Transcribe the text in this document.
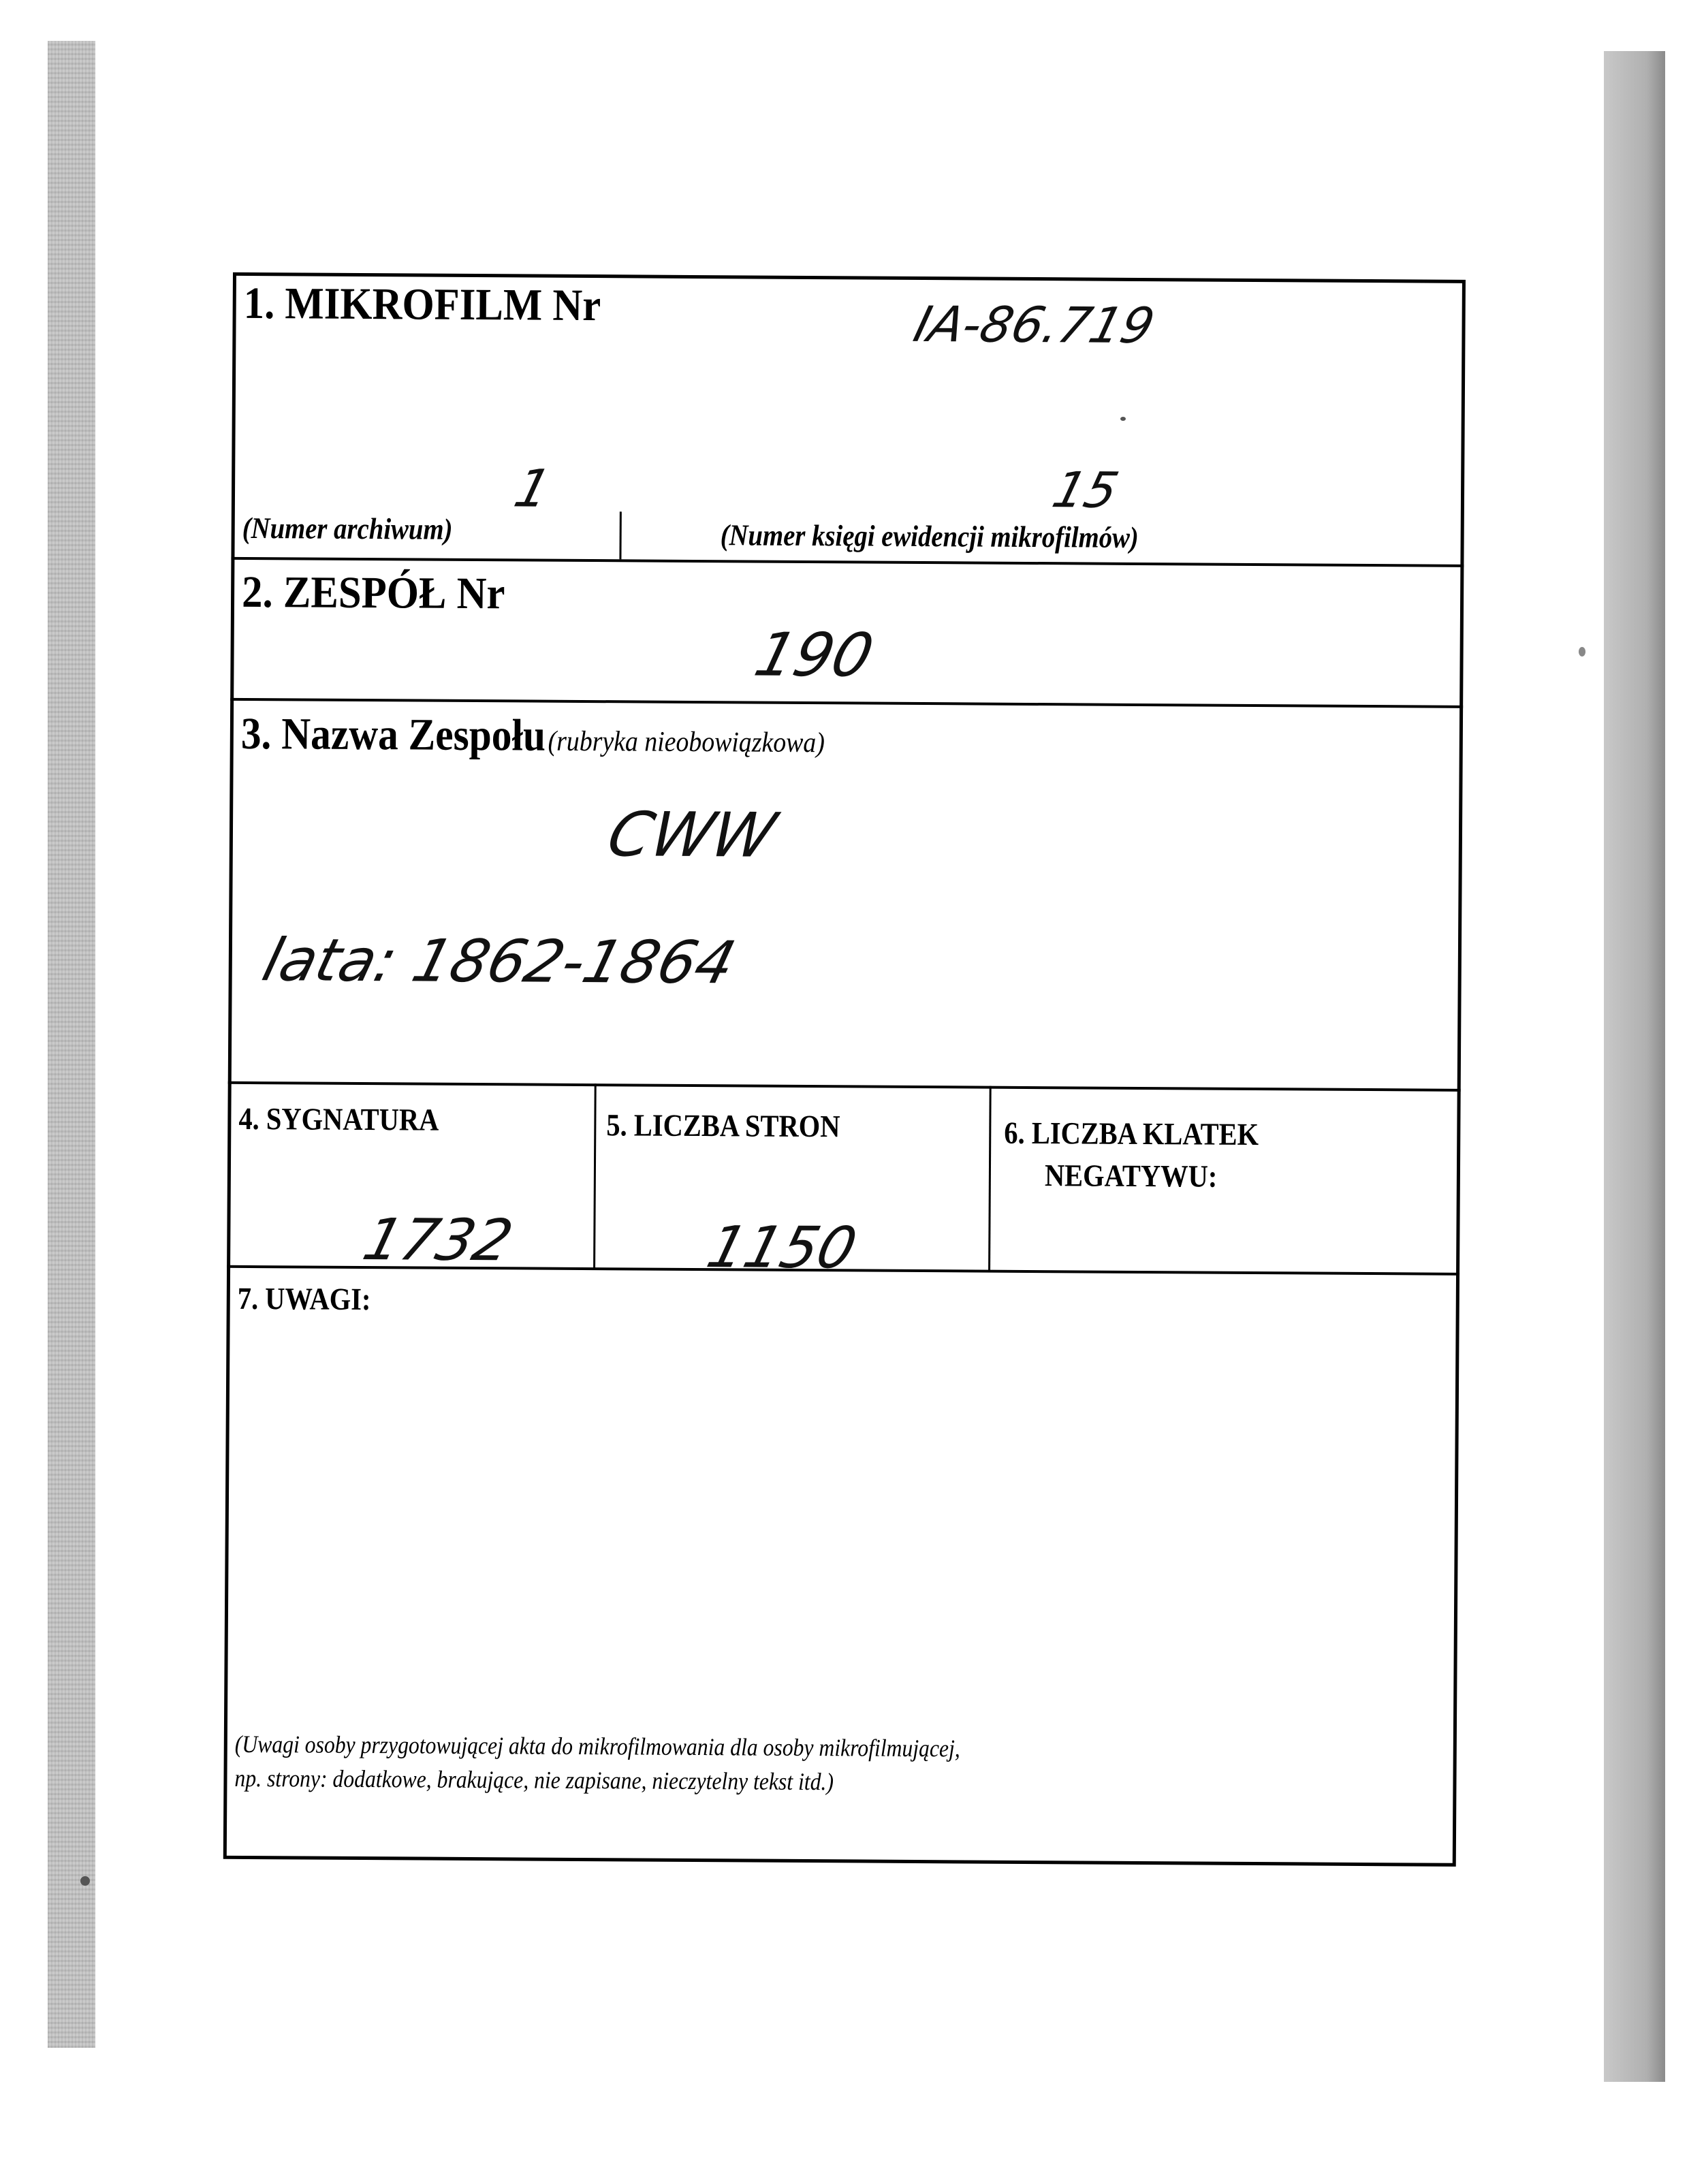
1. MIKROFILM Nr	IA-86.719
1	15
(Numer archiwum)	(Numer księgi ewidencji mikrofilmów)
2. ZESPÓŁ Nr
190
3. Nazwa Zespołu (rubryka nieobowiązkowa)
CWW
lata: 1862-1864
4. SYGNATURA	5. LICZBA STRON	6. LICZBA KLATEK
NEGATYWU:
1732	1150
7. UWAGI:
(Uwagi osoby przygotowującej akta do mikrofilmowania dla osoby mikrofilmującej,
np. strony: dodatkowe, brakujące, nie zapisane, nieczytelny tekst itd.)
